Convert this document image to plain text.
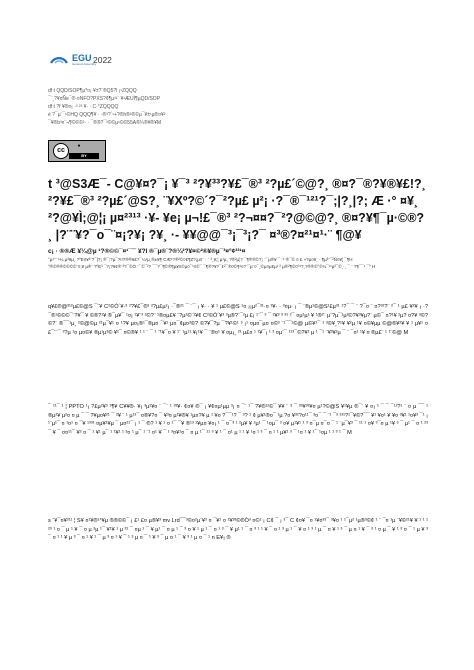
EGU
General Assembly
2022
df t QQD/SOP¶µ*¤¡ ¥±?¨®Q5?l ¡¹ZQQQ
¯¨¸?¥¤Ñe¯®·¤NFO?PXS?¢¶µ³¹¨ ¥¹ÆUÌ¶µQD/SOP
df t ?f ¥®¤¡ ·³ ²³ ¥· · C·°ZQQQQ
é ?¯µ¨¯¹©HQ QQQ¶¥ · ·®³?´¹+?®h®²®©µ¯¥±¹µ®¤¥²
¯¥®b³¤¨¬¶©©©²· · ¯®®?¯²©©µ¹©©55A®¼®¥®¥M
cc
●
BY
t ³@S3Æ¯- C@¥¤?¯¡ ¥¯³ ²?¥³³?¥£¯®³ ²?µ£´©@?¸ ®¤?¯®?¥®¥£!?¸ ²?¥£¯®³ ²?µ£´@S?¸ ¨¥Xº?©´?¯²?µ£ µ²¡ ·?¯®¯¹²¹?¯;|?¸|?; Æ ·° ¤¥¸ ²?@¥Ì;@¦¡ µ¤²³¹³ ·¥- ¥e¡ µ¬!£¯®³ ²?¬¤¤?¯²?@©@?¸ ®¤?¥¶¯µ·©®?¸ |?¨¨¥?¯o¯¨¤¡?¥¡ ?¥¸ ·- ¥¥@@¯³¡¯³¡?¯ ¤³®?¤²¹¤¹·¨ ¶@¥
c¡ · ®®Æ ¥¼@µ ¹?®©©¯¤¹¯¨¨ ¥?l ®¯µ®¨?®¼²?¥¤©²®¥®µ¯³¤°¢²³¹¤
°µ¹¨¨ ¹¼ µ³¥µ¸ ?ºE¤¥³¨?¯|?¡ ®¯;?µ¯?!!?®®¥£?¯¼¹µ¸®±¥¶ CÆ¹?®²©¤¢¶Z?¡µ¤¨ · ¨ ²¸¥;¦ µ¹µ¸ ?®²µ¦? ¯¶®®©?¡ ¨¯µ®¥ ¯ ¨¹ ®¯© ¤ £ »?µ¤¥¸ · ¶µ³¨¯²Ñ¤¥¦ ¯¶H
°®©®®©©©©¨¤;¥ µ®¨ ?ºE³ ¯?¡?¥¢®¨³?¯©Ò ¨¯©¯²? ¯¯?¯¶©®¶µ¥¤©µ¤¯¹¤©¯ ¯¶®?¥?¯¢²¯®¤©¶¹¤?¨¯µ¨¤¯¸©µ¤µ¢µ¹ ² µ®²¶©¤º¹?¸?®®©°©¼¯¹¹µ²¯©¸·¸ ¯ ¨ ?¶¯¯¹ ¯º H
q¥£®@³¹²µ£©@S ¯¨¥ C²©Ó´¥·³ ²?¥£¯®³ ²?µ£µ²¡ ·¯®²¹ ¯ ¨¯ ¡ ¥· · ¥ ¹ µ£©@S ¹¤ ¡¡µ²¯³¹·¤ ³¥· · ³¤µ· ¡ ¯ ¨®µ¹©@S¹£µ³¹ ¹?¯ ¯ ¨ ?¯¤ ¨ ¤?³²?¨ ²¯ ¹ µ£ ¥²¥ ¡ ·?¯®¹©©©¯¨?¥¯ ¥ ©®?¹¥ ®¯µ¥¯ ¹¤¡ ¹¥¨³ ²©?¨ ¹®¤µ£¥ ¨?µ²©¨¹¥¢ C²©Ó´¥³ ³µ®?¨¯²µ £¡ ¹¨¯ ³ ¯ ²¥³ ³ ³¹ ²¯ ¤µ¹µ¹ ¥ ¹®²¨ µ¨?µ¯¹µ²©?¥³¥µ?¨ µ©¯ ¤?¹¥ ²µ? ¤?¥ ³©?©?¨ ®¯¯¹µ¸ ²©@©µ ²¹µ¯¥¹ ¤ ¹?¥ µ¤¡®¹¯®µ¤ ¯¥¹ µ¤¯¢µ¤³©? ©?¥¯?µ ¯?¥¹©¹ ³ ¡¹ ¤µ¤¯µ¤ ¤©³ ¨¹¯¯¹©@ µ©¥¹¯ ¹ ³©¥¸?¹¥ ¥²µ ¹¥ ¤©¥µµ ©@®¥²¥ ¥ ¹ µ¥¹ ¤£¯¨¨¯ ²?µ ¹¤ µ¤©¥ ®µ¹µ³© ¥²¯ ¤©®¥ ¹ ¹ ¨ ¯ ¹ ¨¹¥¯¤ ¥ ¹¨ ¹µ¹¹ ¥¡¹¥ ¯ ¨®¤¹ ¥ ¤µ¡¸ ²¹ µ£¤ ¹ ¹¥¯¡ ¹ ³ ¤µ¨¯ ¹¹³¯©?¥¹ µ ¹ ¯¹ ¨¥³¥²µ ¯ ¨ ¯¤¹ ¹¥ ¤ ®µ£¨ ¹ ¹¨©@ M
¯ ¹¹¯ ¹ ¦ PPTO ¹¡ ?£µ²¥³ ¹¶¥ C¥¥®· ¥¡ ³µ²¥¤ ¨ ¯¨ ¹ ³³¥· ¢¤¥ ®¯ ¡ ¥¢¤µ¹µµ ³¡ ¤ ¯¨ ¹¯ ?¥®¹²©¯ ¥¥ ¨ ³ ¯ ³³¥³³¥¤ µ¹?©@S ¥¹¥µ ®¯¨ ¥ ¤¡ ¹ ¯ ¯ ¯¹²?¹ ¨ ¤ µ ¯¯ ¹ ®µ²¥ µ²¤ ¤ µ ¯ ¯ ?¥µ¤¥²¹ ¯ ²¥ ¨ ¹ µ¹³¯ ¤®¥?¤ ¯ ¥³¤ µ¹¥®¥ ¹µ¤?¥ µ ¹ ¥¤ ?¯¯¹? ¯ ³? ¹ ¢ µ¥¹®¤¯ ¹µ ?¤ ¥³²?¤¹¹¯ ³¤¯ ¯ ¨¹ ¯³ ¹³¹?¹¯¥©?¯¯ ¥¹ ¥¤¹ ¥ ¥¤ ³¥¹ ¹¤¥³ ¯¹ ¡ ¹¨µ¹¯ ¤ ¹¤¹ ¤ ¯¥ ¹³³¹ ¤µ¥¹¥µ ¯ µ¤²¹¯ ¡ ¹ ¯ ®? ¹ ¥ ¹ ¤ ¹¯ ¯¥ ®¹³ ¹¥µ¤ ¥¤¡ ¹ ¯ ¤¯³ ¹ ²µ¥ ¥ ²µ¹ ¯ ¹¤µ¯ ³ ¤¥ µ¹¥¹ ¹ ³ ¤¯µ ¤¯¤ ¯ ¹ ¨µ¯¥³ ¯ ¹¹ ¹ ¤¥ ³¯¤ µ ¹¥ ³ ¯ µ¹ ¯ ¤ ¹ ²³ ¯ ¥ ¯ ¤¤¹¹¯ ¥³ ¤ ¯ ¹ ¥¹ µ¯ ¹ ¹¥¹ ¹ ³¤ ¹ µ¯ ¹ ¨¹ ¤¹ ¥ ¯ ¹ ³¤¥¹¤ ¯ ¤ µ ¹¯ ¹¹ ³ ¥ ¹ ¯ ¤¹ µ ¹ ¹ ¥ ¹¤ ¹ ³ ¯ ¤ ¹ ¹ µ¥¹ ³ ¯ ¹¤ ¹ ¥ ¹¯ ¹¤µ ¹ ¹ ³ ¹ ¯ M
s ¨¥¯¤¥³¹¹ ¦ S¥ ¤¹¥®¹°¥µ ®®©©¯ ¡ £¹ £¤ µ®¥³ mv Lrd¯¯³©¤²µ¨¥³ ¤ ¯¥¹ ¤ ²¥³³©®Ò³ ¤©¹ ¡ C¢ ¯ ¡ ³¯ C ¢¤¥ ¯¤ ¹¥¤³³¯ ³¥¤ ¹ ¹¯µ² ¹µ®³©¢ ¹ ¨ ¯¤ ¹µ ¨¥©²¹¥ ¥ ¹ ¹ ¹ ²³ ¹ ¤ ¯ µ ¹ ¥ ¯ ¤ µ ²µ ¹¯ ¥¹¥ ¹ µ ³¹ ¯ ¤µ ¹ ¯ ¥ µ¹ ¯ ¤ µ ¹ ¯ ³ ¤ ¥ ¹ µ ¹ ¯ ¤ ¹ ³ ¯ ¥ µ¹ ¹ ¯ ¤ ³ ¹ ¹ ¥ ¯ ¤ ¹ ³ µ ¹ ¯ ¥ ¤ ¹ ³ ¹ µ ¯ ¤ ¥ ¹ ³ ¯ µ ¤ ¹ ¥ ¯ ³ ¹ ¤ µ ¯ ¥ ¹ ³ ¤ ¯ ¹ µ ¥ ³ ¯ ¤ ¹ ¹ ¥ µ ³ ¯ ¤ ¹ ¥ ¹ ¯ µ ³ ¤ ¹ ¥ ¯ ¹ ³ µ ¤ ¯ ¹ ¥ ³ ¯ µ ¤ ¹ ¯ ¥ ³ ¹ µ ¤ ¯ ¹ n E¥¡ ®
